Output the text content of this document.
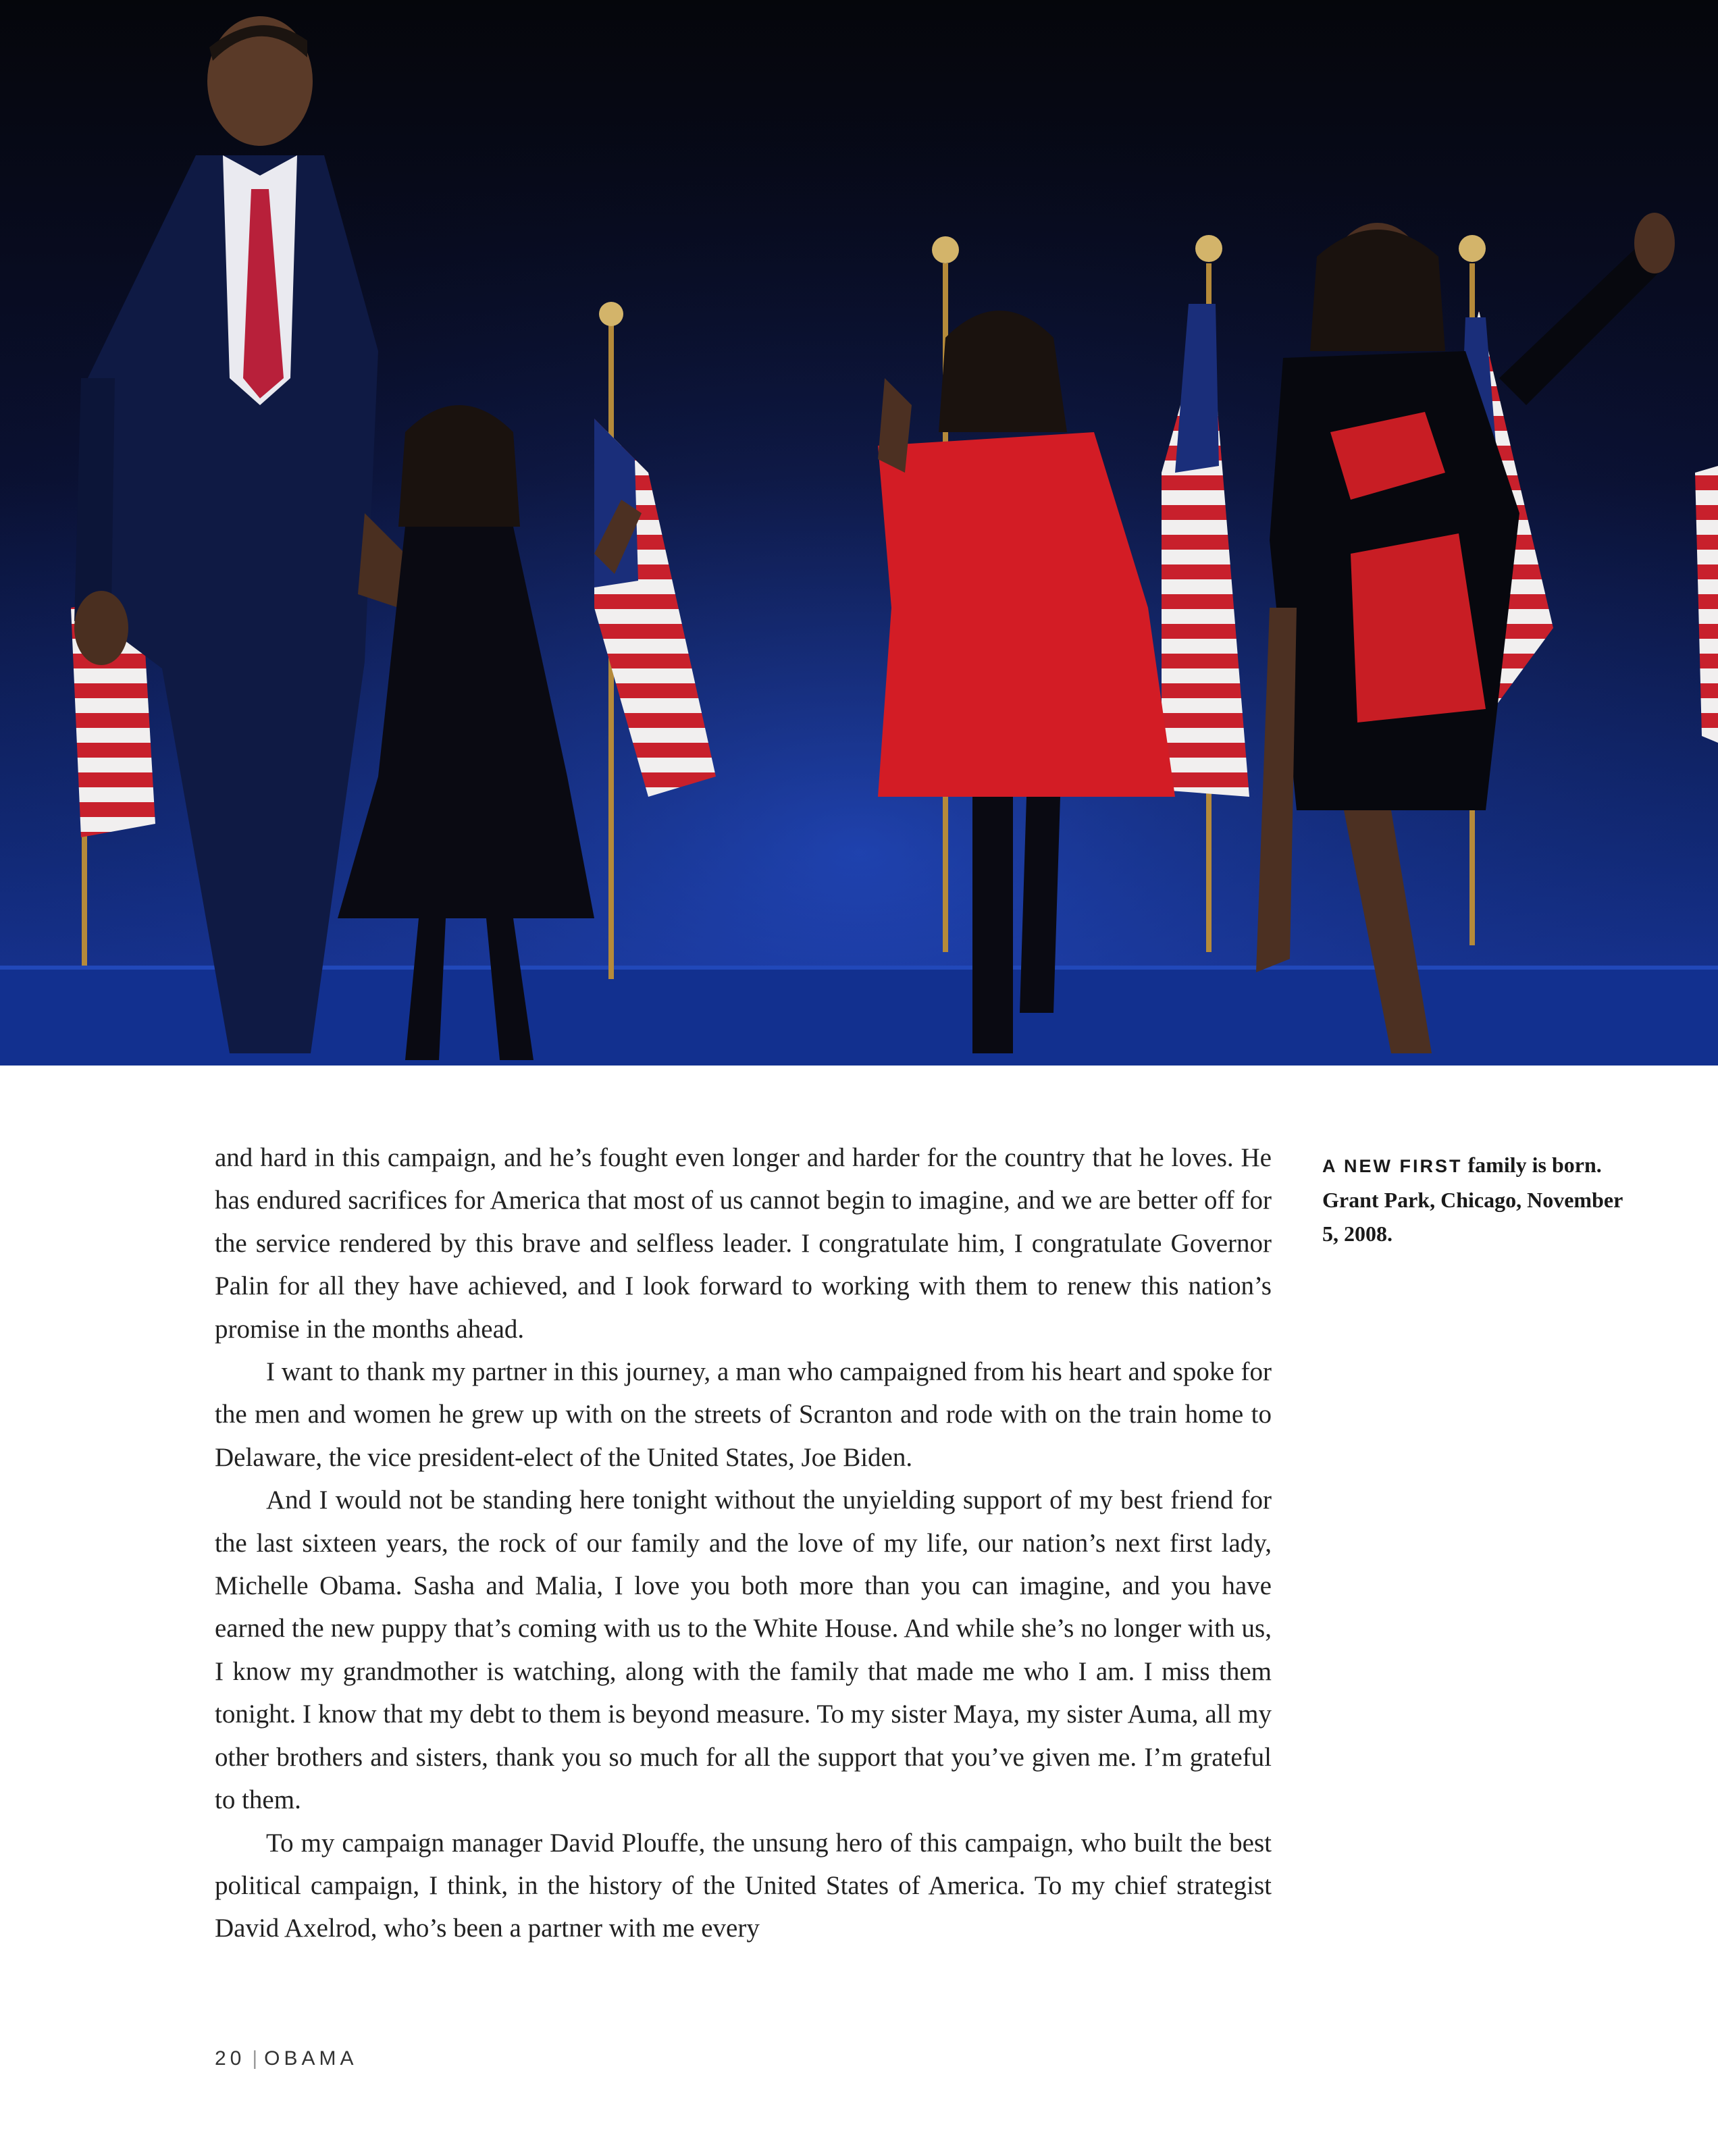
and hard in this campaign, and he’s fought even longer and harder for the country that he loves. He has endured sacrifices for America that most of us cannot begin to imagine, and we are better off for the service rendered by this brave and selfless leader. I congratulate him, I congratulate Governor Palin for all they have achieved, and I look forward to working with them to renew this nation’s promise in the months ahead.

I want to thank my partner in this journey, a man who campaigned from his heart and spoke for the men and women he grew up with on the streets of Scranton and rode with on the train home to Delaware, the vice president-elect of the United States, Joe Biden.

And I would not be standing here tonight without the unyielding support of my best friend for the last sixteen years, the rock of our family and the love of my life, our nation’s next first lady, Michelle Obama. Sasha and Malia, I love you both more than you can imagine, and you have earned the new puppy that’s coming with us to the White House. And while she’s no longer with us, I know my grandmother is watching, along with the family that made me who I am. I miss them tonight. I know that my debt to them is beyond measure. To my sister Maya, my sister Auma, all my other brothers and sisters, thank you so much for all the support that you’ve given me. I’m grateful to them.

To my campaign manager David Plouffe, the unsung hero of this campaign, who built the best political campaign, I think, in the history of the United States of America. To my chief strategist David Axelrod, who’s been a partner with me every

A NEW FIRST family is born. Grant Park, Chicago, November 5, 2008.
20 | OBAMA
